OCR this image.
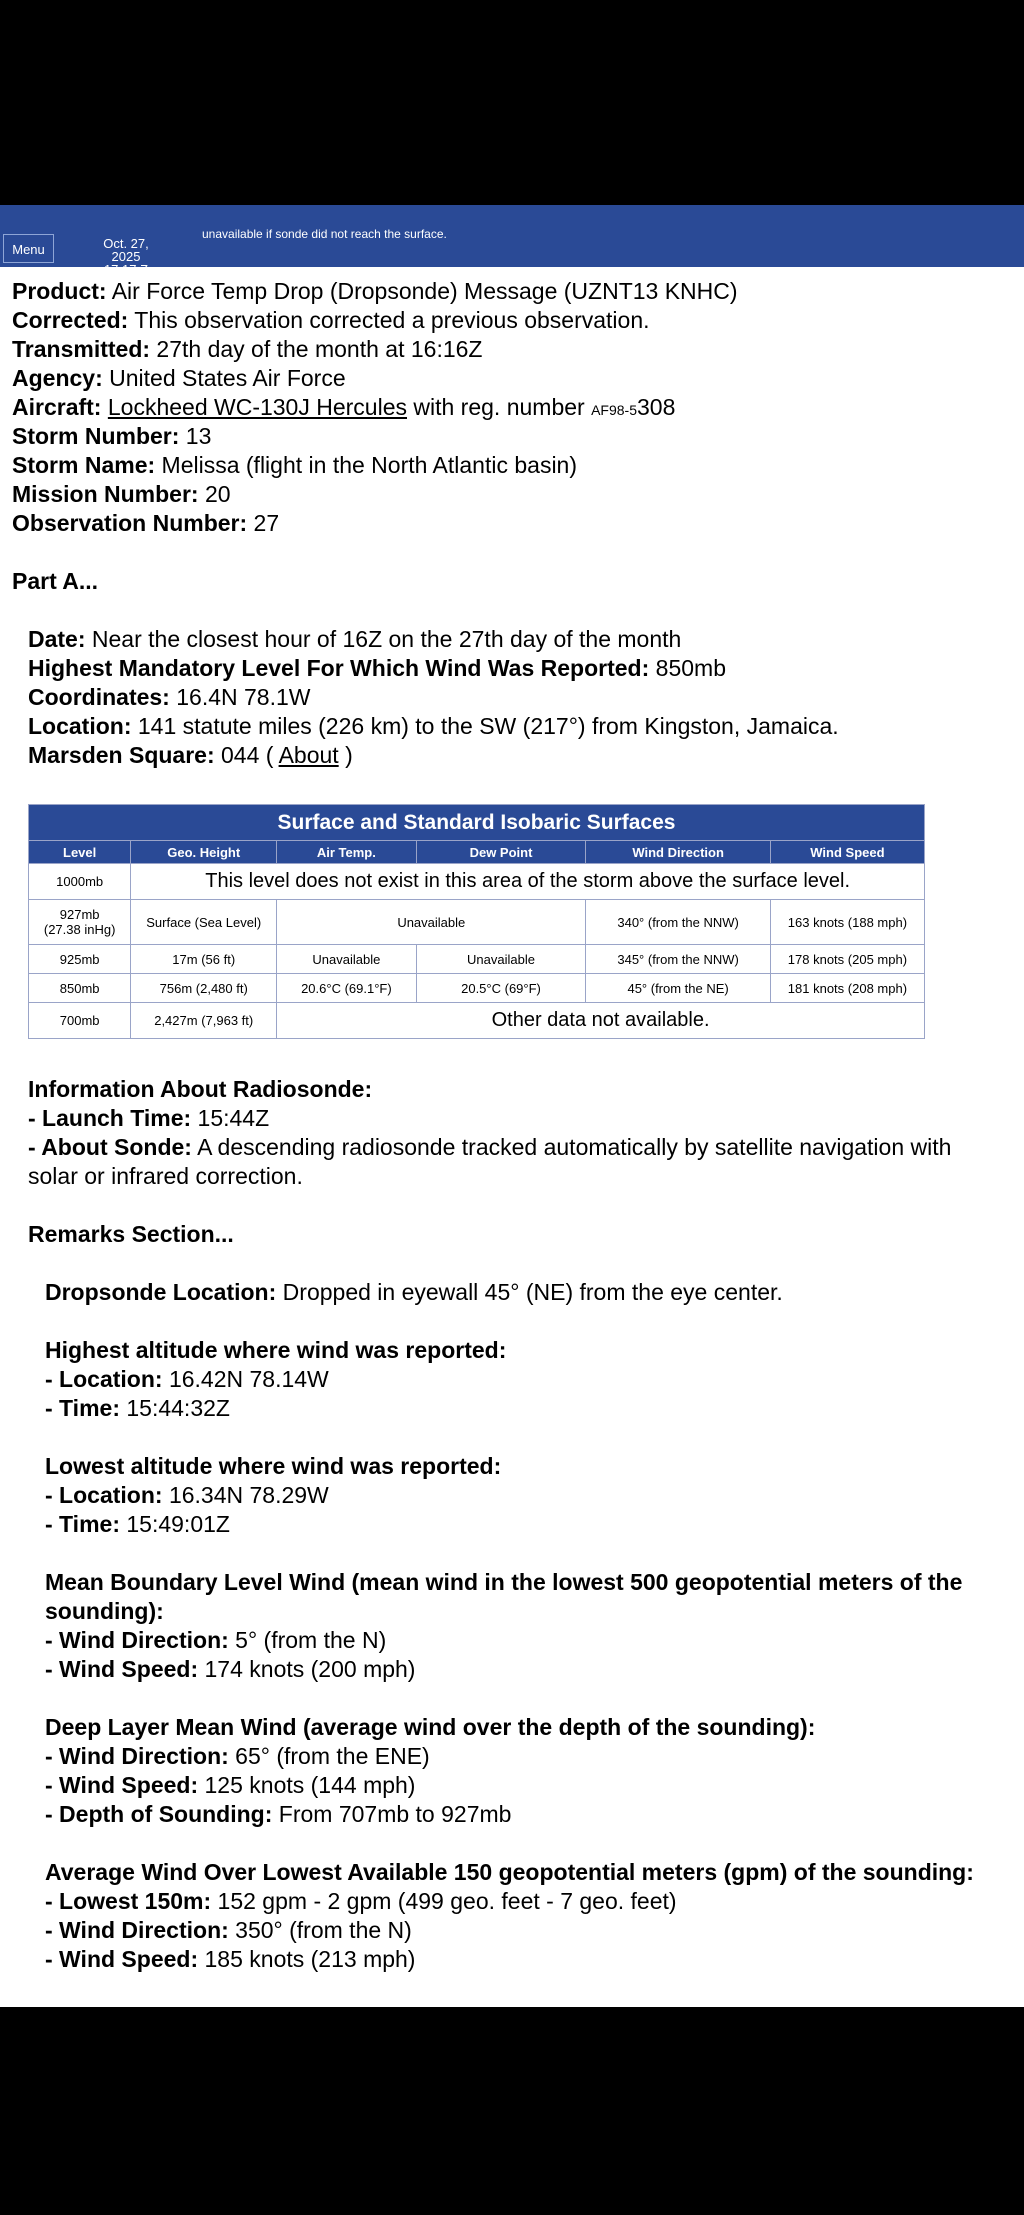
Menu	Oct. 27, 2025
unavailable if sonde did not reach the surface.
Product: Air Force Temp Drop (Dropsonde) Message (UZNT13 KNHC)
Corrected: This observation corrected a previous observation.
Transmitted: 27th day of the month at 16:16Z
Agency: United States Air Force
Aircraft: Lockheed WC-130J Hercules with reg. number AF98-5308
Storm Number: 13
Storm Name: Melissa (flight in the North Atlantic basin)
Mission Number: 20
Observation Number: 27
Part A...
Date: Near the closest hour of 16Z on the 27th day of the month
Highest Mandatory Level For Which Wind Was Reported: 850mb
Coordinates: 16.4N 78.1W
Location: 141 statute miles (226 km) to the SW (217°) from Kingston, Jamaica.
Marsden Square: 044 ( About )
Surface and Standard Isobaric Surfaces
Level	Geo. Height	Air Temp.	Dew Point	Wind Direction	Wind Speed
1000mb	This level does not exist in this area of the storm above the surface level.				

927mb
(27.38 inHg)	Surface (Sea Level)	Unavailable		340° (from the NNW)	163 knots (188 mph)
925mb	17m (56 ft)	Unavailable	Unavailable	345° (from the NNW)	178 knots (205 mph)
850mb	756m (2,480 ft)	20.6°C (69.1°F)	20.5°C (69°F)	45° (from the NE)	181 knots (208 mph)
700mb	2,427m (7,963 ft)	Other data not available.			
Information About Radiosonde:
- Launch Time: 15:44Z
- About Sonde: A descending radiosonde tracked automatically by satellite navigation with
solar or infrared correction.
Remarks Section...
Dropsonde Location: Dropped in eyewall 45° (NE) from the eye center.
Highest altitude where wind was reported:
- Location: 16.42N 78.14W
- Time: 15:44:32Z
Lowest altitude where wind was reported:
- Location: 16.34N 78.29W
- Time: 15:49:01Z
Mean Boundary Level Wind (mean wind in the lowest 500 geopotential meters of the
sounding):
- Wind Direction: 5° (from the N)
- Wind Speed: 174 knots (200 mph)
Deep Layer Mean Wind (average wind over the depth of the sounding):
- Wind Direction: 65° (from the ENE)
- Wind Speed: 125 knots (144 mph)
- Depth of Sounding: From 707mb to 927mb
Average Wind Over Lowest Available 150 geopotential meters (gpm) of the sounding:
- Lowest 150m: 152 gpm - 2 gpm (499 geo. feet - 7 geo. feet)
- Wind Direction: 350° (from the N)
- Wind Speed: 185 knots (213 mph)
